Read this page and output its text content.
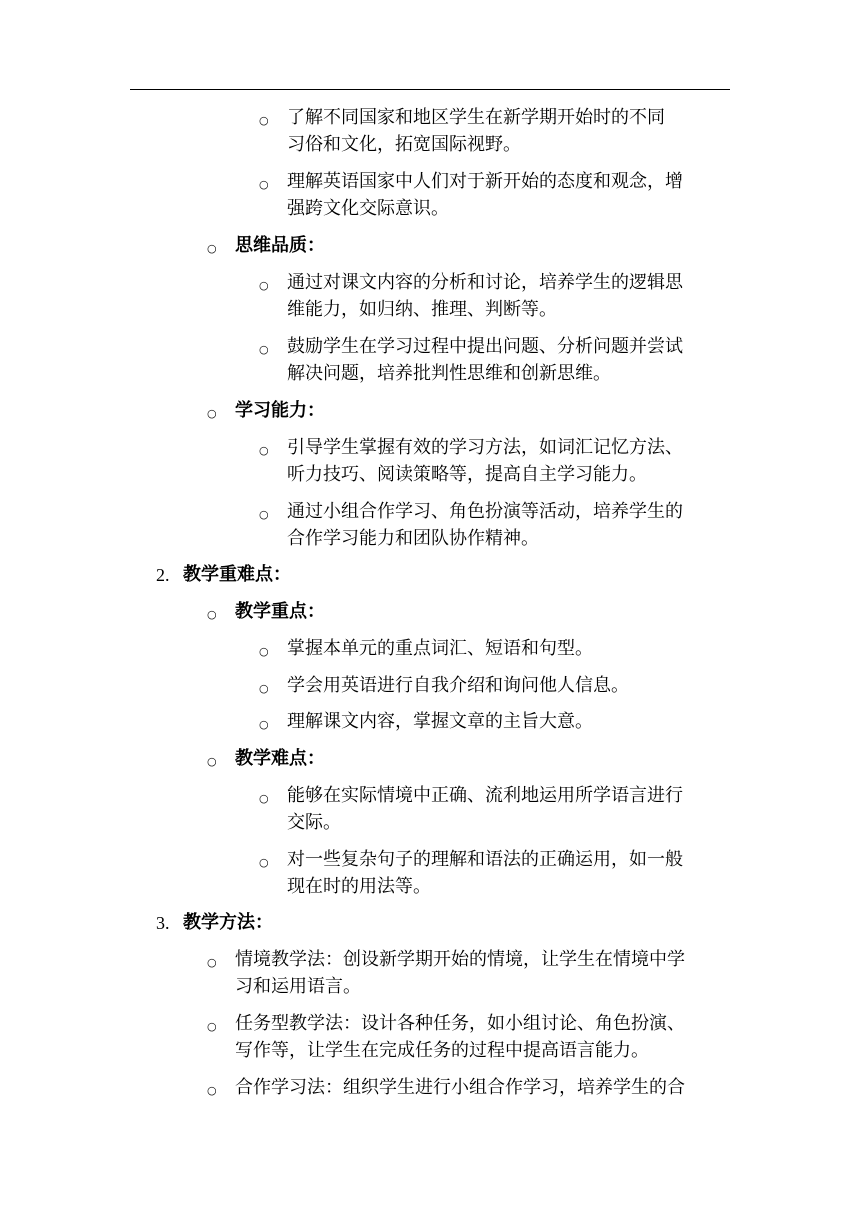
○ 了解不同国家和地区学生在新学期开始时的不同
习俗和文化，拓宽国际视野。
○ 理解英语国家中人们对于新开始的态度和观念，增
强跨文化交际意识。
○ 思维品质：
○ 通过对课文内容的分析和讨论，培养学生的逻辑思
维能力，如归纳、推理、判断等。
○ 鼓励学生在学习过程中提出问题、分析问题并尝试
解决问题，培养批判性思维和创新思维。
○ 学习能力：
○ 引导学生掌握有效的学习方法，如词汇记忆方法、
听力技巧、阅读策略等，提高自主学习能力。
○ 通过小组合作学习、角色扮演等活动，培养学生的
合作学习能力和团队协作精神。
2. 教学重难点：
○ 教学重点：
○ 掌握本单元的重点词汇、短语和句型。
○ 学会用英语进行自我介绍和询问他人信息。
○ 理解课文内容，掌握文章的主旨大意。
○ 教学难点：
○ 能够在实际情境中正确、流利地运用所学语言进行
交际。
○ 对一些复杂句子的理解和语法的正确运用，如一般
现在时的用法等。
3. 教学方法：
○ 情境教学法：创设新学期开始的情境，让学生在情境中学
习和运用语言。
○ 任务型教学法：设计各种任务，如小组讨论、角色扮演、
写作等，让学生在完成任务的过程中提高语言能力。
○ 合作学习法：组织学生进行小组合作学习，培养学生的合
